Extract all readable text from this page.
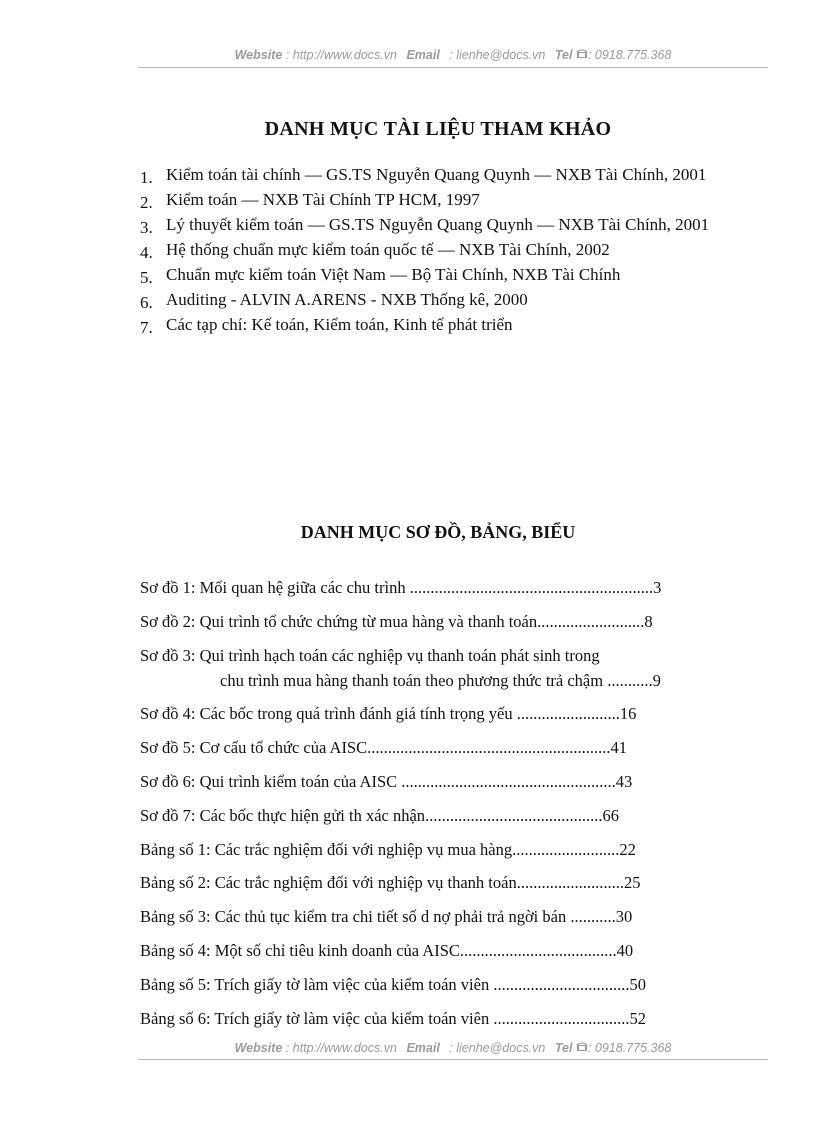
Website : http://www.docs.vn Email : lienhe@docs.vn Tel : 0918.775.368
DANH MỤC TÀI LIỆU THAM KHẢO
1. Kiểm toán tài chính — GS.TS Nguyễn Quang Quynh — NXB Tài Chính, 2001
2. Kiểm toán — NXB Tài Chính TP HCM, 1997
3. Lý thuyết kiểm toán — GS.TS Nguyễn Quang Quynh — NXB Tài Chính, 2001
4. Hệ thống chuẩn mực kiểm toán quốc tế — NXB Tài Chính, 2002
5. Chuẩn mực kiểm toán Việt Nam — Bộ Tài Chính, NXB Tài Chính
6. Auditing - ALVIN A.ARENS - NXB Thống kê, 2000
7. Các tạp chí: Kế toán, Kiểm toán, Kinh tế phát triển
DANH MỤC SƠ ĐỒ, BẢNG, BIỂU
Sơ đồ 1: Mối quan hệ giữa các chu trình ...........................................................3
Sơ đồ 2: Qui trình tổ chức chứng từ mua hàng và thanh toán..........................8
Sơ đồ 3: Qui trình hạch toán các nghiệp vụ thanh toán phát sinh trong
chu trình mua hàng thanh toán theo phương thức trả chậm ...........9
Sơ đồ 4: Các bốc trong quá trình đánh giá tính trọng yếu .........................16
Sơ đồ 5: Cơ cấu tổ chức của AISC...........................................................41
Sơ đồ 6: Qui trình kiểm toán của AISC ....................................................43
Sơ đồ 7: Các bốc thực hiện gửi th xác nhận...........................................66
Bảng số 1: Các trắc nghiệm đối với nghiệp vụ mua hàng..........................22
Bảng số 2: Các trắc nghiệm đối với nghiệp vụ thanh toán..........................25
Bảng số 3: Các thủ tục kiểm tra chi tiết số d nợ phải trả ngời bán ...........30
Bảng số 4: Một số chỉ tiêu kinh doanh của AISC......................................40
Bảng số 5: Trích giấy tờ làm việc của kiểm toán viên .................................50
Bảng số 6: Trích giấy tờ làm việc của kiểm toán viên .................................52
Website : http://www.docs.vn Email : lienhe@docs.vn Tel : 0918.775.368
